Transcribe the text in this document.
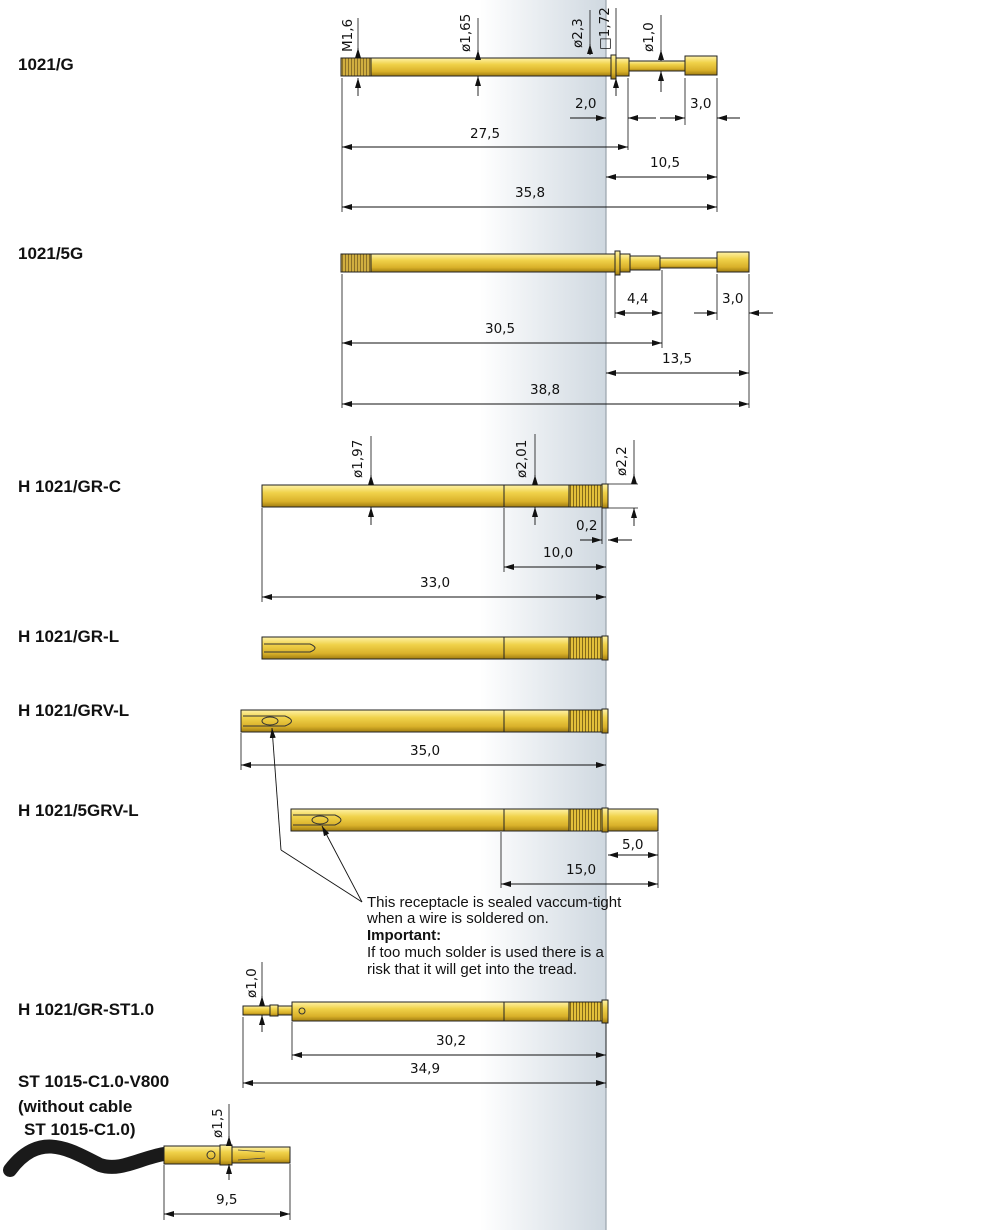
1021/G
1021/5G
H 1021/GR-C
H 1021/GR-L
H 1021/GRV-L
H 1021/5GRV-L
H 1021/GR-ST1.0
ST 1015-C1.0-V800
(without cable
ST 1015-C1.0)
M1,6	ø1,65	ø2,3 □1,72 ø1,0
2,0	3,0
27,5
10,5
35,8
4,4	3,0
30,5
13,5
38,8
ø1,97	ø2,01	ø2,2
0,2
10,0
33,0
35,0
5,0
15,0
This receptacle is sealed vaccum-tight
when a wire is soldered on.
Important:
If too much solder is used there is a
risk that it will get into the tread.
ø1,0
30,2
34,9
ø1,5
9,5
